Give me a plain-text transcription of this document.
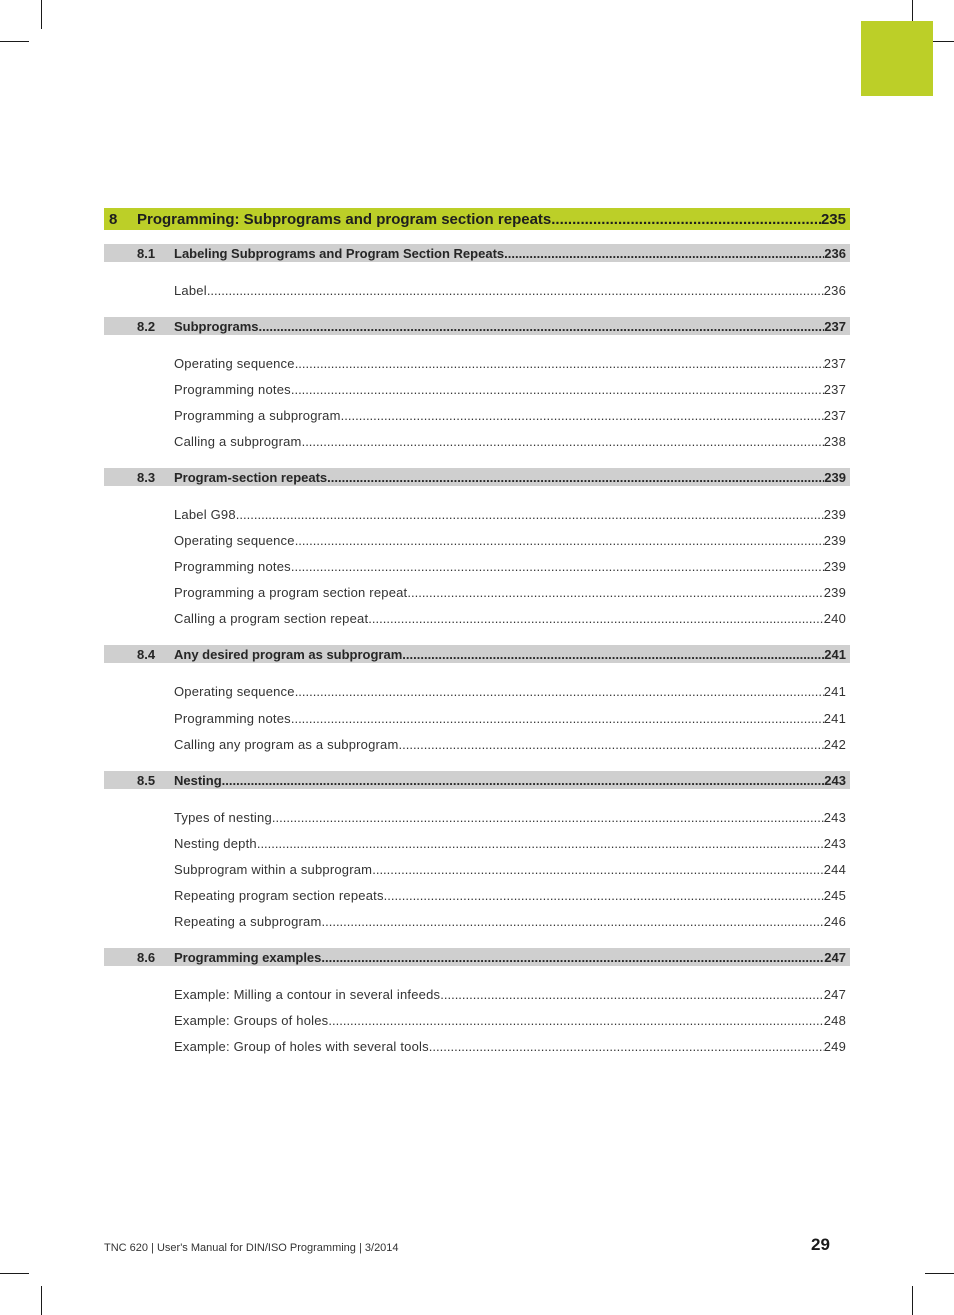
8	Programming: Subprograms and program section repeats .....	235
8.1	Labeling Subprograms and Program Section Repeats .....	236
Label .....	236
8.2	Subprograms .....	237
Operating sequence .....	237
Programming notes .....	237
Programming a subprogram .....	237
Calling a subprogram .....	238
8.3	Program-section repeats .....	239
Label G98 .....	239
Operating sequence .....	239
Programming notes .....	239
Programming a program section repeat .....	239
Calling a program section repeat .....	240
8.4	Any desired program as subprogram .....	241
Operating sequence .....	241
Programming notes .....	241
Calling any program as a subprogram .....	242
8.5	Nesting .....	243
Types of nesting .....	243
Nesting depth .....	243
Subprogram within a subprogram .....	244
Repeating program section repeats .....	245
Repeating a subprogram .....	246
8.6	Programming examples .....	247
Example: Milling a contour in several infeeds .....	247
Example: Groups of holes .....	248
Example: Group of holes with several tools .....	249
TNC 620 | User's Manual for DIN/ISO Programming | 3/2014	29
